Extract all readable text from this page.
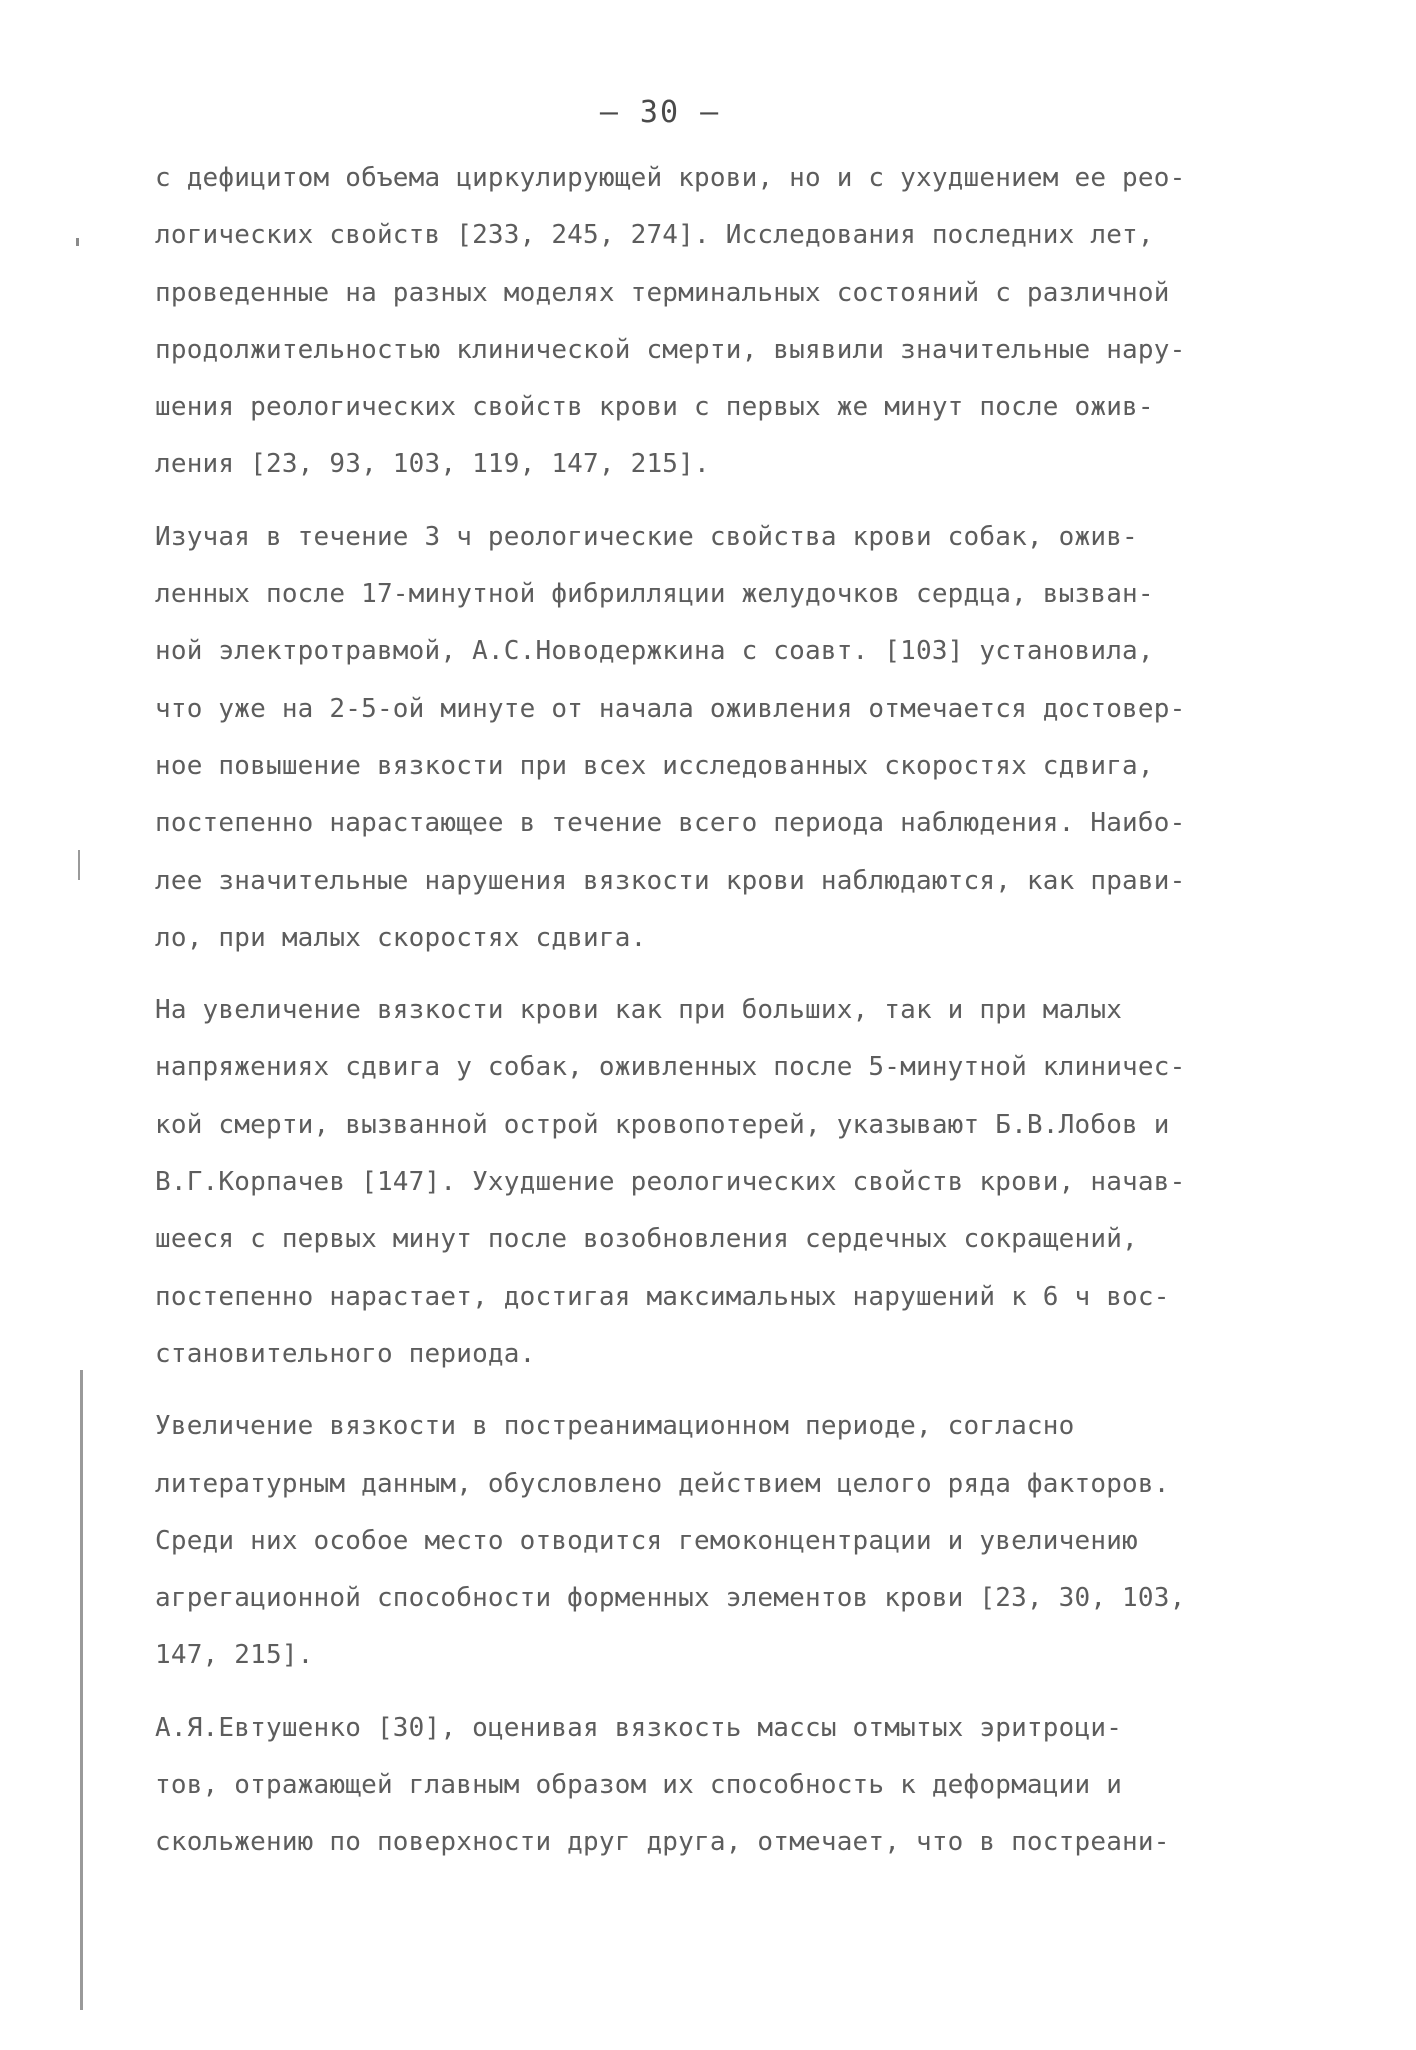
– 30 –
с дефицитом объема циркулирующей крови, но и с ухудшением ее рео-
логических свойств [233, 245, 274]. Исследования последних лет,
проведенные на разных моделях терминальных состояний с различной
продолжительностью клинической смерти, выявили значительные нару-
шения реологических свойств крови с первых же минут после ожив-
ления [23, 93, 103, 119, 147, 215].
Изучая в течение 3 ч реологические свойства крови собак, ожив-
ленных после 17-минутной фибрилляции желудочков сердца, вызван-
ной электротравмой, А.С.Новодержкина с соавт. [103] установила,
что уже на 2-5-ой минуте от начала оживления отмечается достовер-
ное повышение вязкости при всех исследованных скоростях сдвига,
постепенно нарастающее в течение всего периода наблюдения. Наибо-
лее значительные нарушения вязкости крови наблюдаются, как прави-
ло, при малых скоростях сдвига.
На увеличение вязкости крови как при больших, так и при малых
напряжениях сдвига у собак, оживленных после 5-минутной клиничес-
кой смерти, вызванной острой кровопотерей, указывают Б.В.Лобов и
В.Г.Корпачев [147]. Ухудшение реологических свойств крови, начав-
шееся с первых минут после возобновления сердечных сокращений,
постепенно нарастает, достигая максимальных нарушений к 6 ч вос-
становительного периода.
Увеличение вязкости в постреанимационном периоде, согласно
литературным данным, обусловлено действием целого ряда факторов.
Среди них особое место отводится гемоконцентрации и увеличению
агрегационной способности форменных элементов крови [23, 30, 103,
147, 215].
А.Я.Евтушенко [30], оценивая вязкость массы отмытых эритроци-
тов, отражающей главным образом их способность к деформации и
скольжению по поверхности друг друга, отмечает, что в постреани-
